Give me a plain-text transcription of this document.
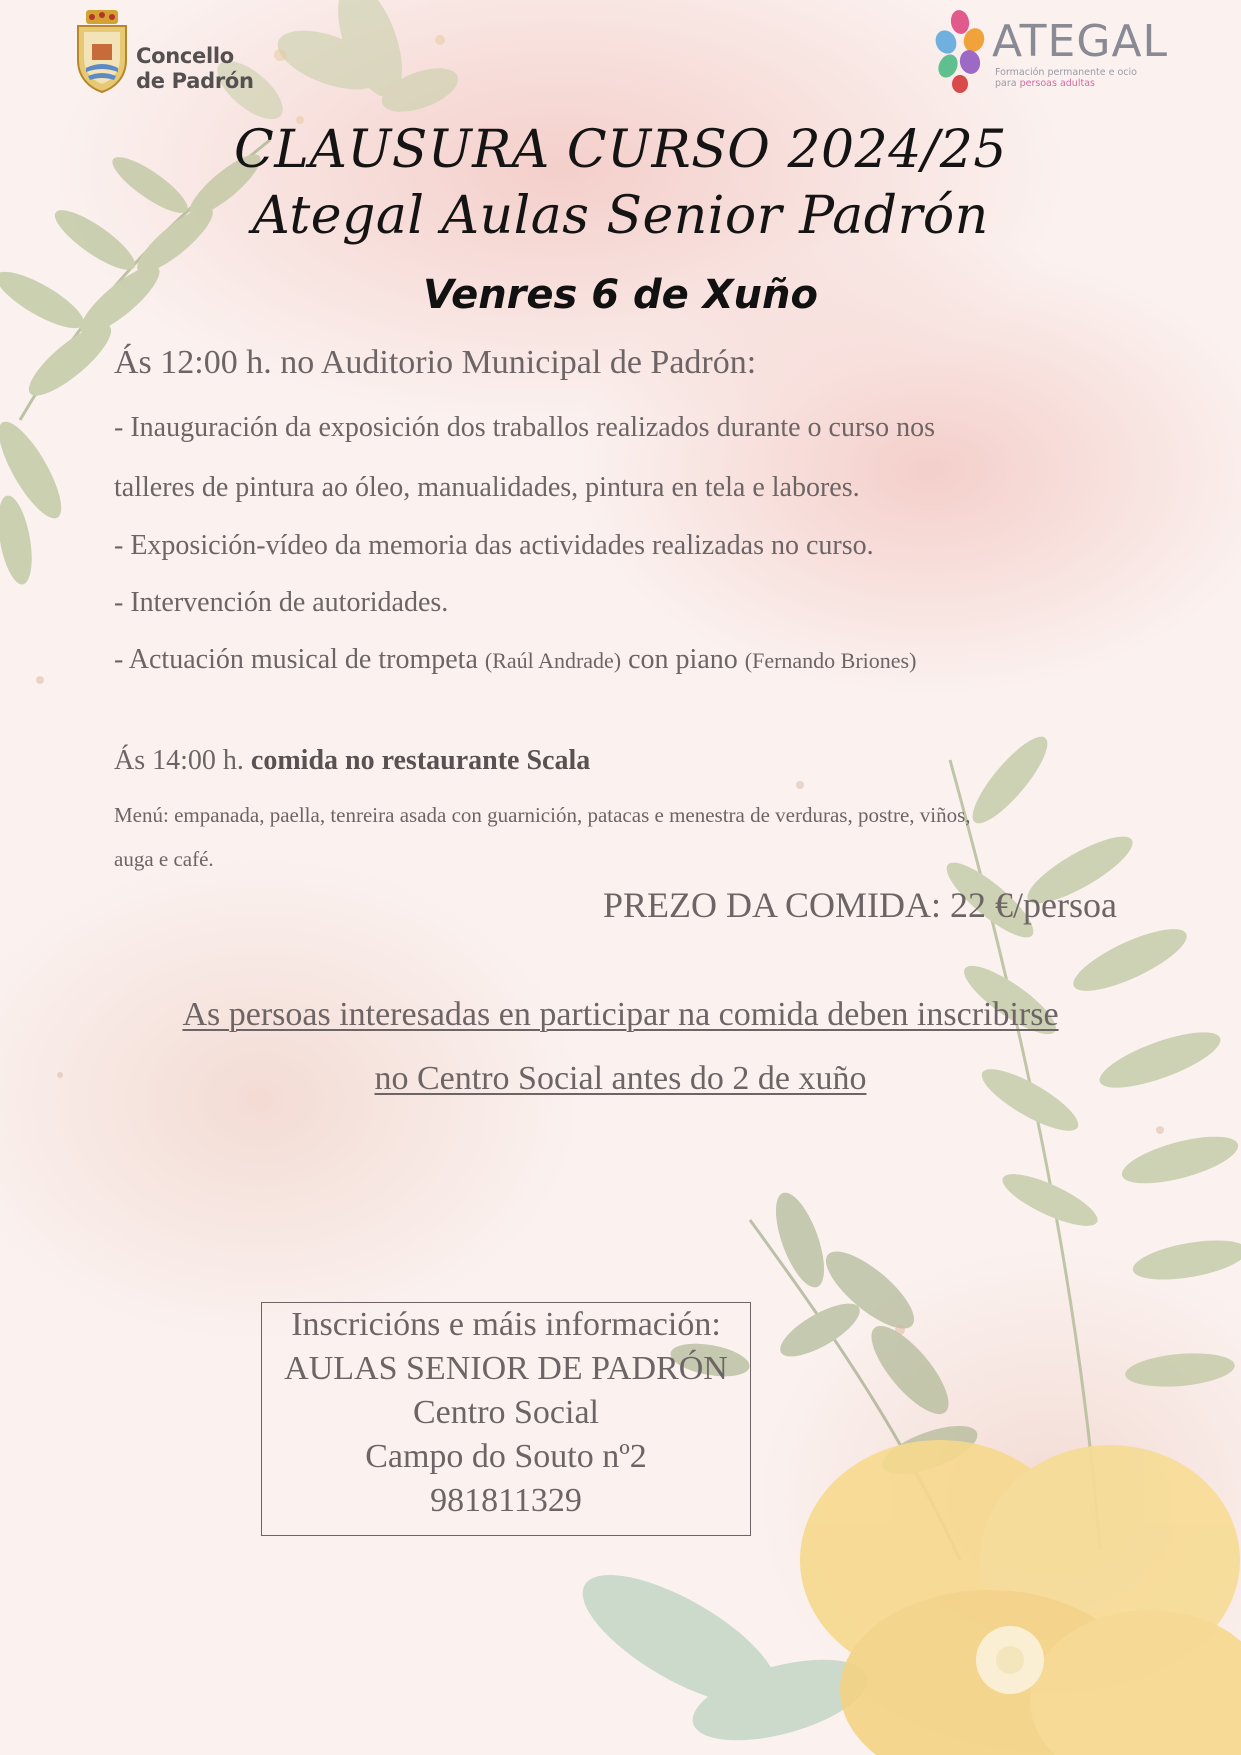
Concello
de Padrón
ATEGAL
Formación permanente e ocio
para persoas adultas
CLAUSURA CURSO 2024/25
Ategal Aulas Senior Padrón
Venres 6 de Xuño
Ás 12:00 h. no Auditorio Municipal de Padrón:
- Inauguración da exposición dos traballos realizados durante o curso nos
talleres de pintura ao óleo, manualidades, pintura en tela e labores.
- Exposición-vídeo da memoria das actividades realizadas no curso.
- Intervención de autoridades.
- Actuación musical de trompeta (Raúl Andrade) con piano (Fernando Briones)
Ás 14:00 h. comida no restaurante Scala
Menú: empanada, paella, tenreira asada con guarnición, patacas e menestra de verduras, postre, viños,
auga e café.
PREZO DA COMIDA: 22 €/persoa
As persoas interesadas en participar na comida deben inscribirse
no Centro Social antes do 2 de xuño
Inscricións e máis información:
AULAS SENIOR DE PADRÓN
Centro Social
Campo do Souto nº2
981811329
